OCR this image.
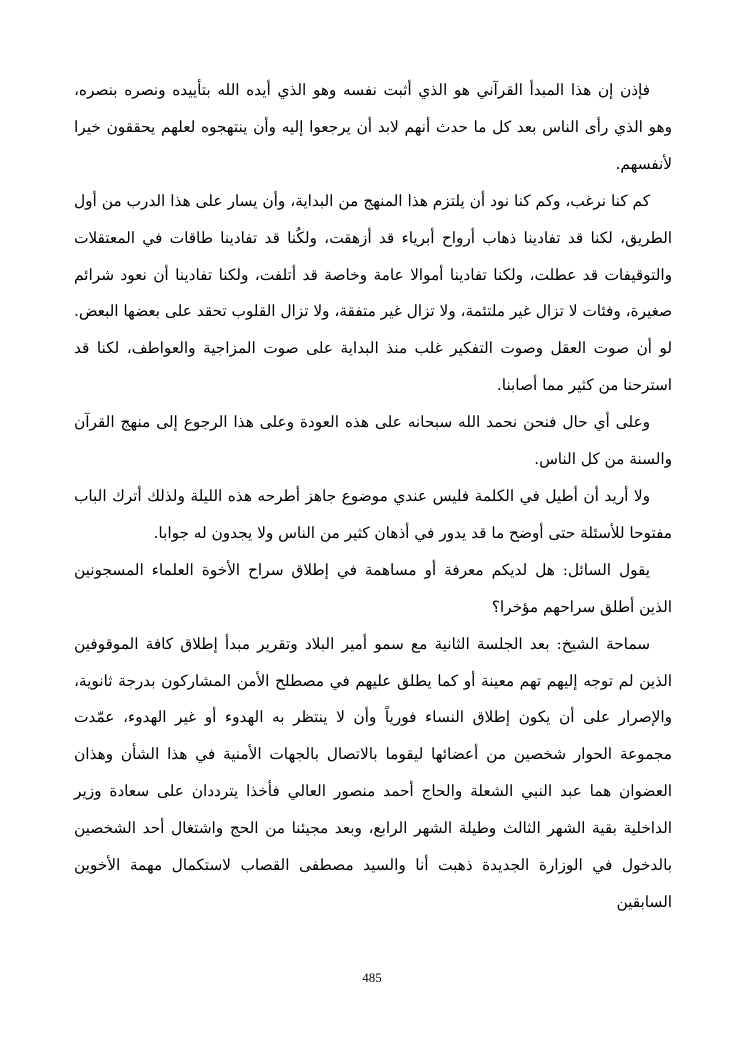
فإذن إن هذا المبدأ القرآني هو الذي أثبت نفسه وهو الذي أيده الله بتأييده ونصره بنصره، وهو الذي رأى الناس بعد كل ما حدث أنهم لابد أن يرجعوا إليه وأن ينتهجوه لعلهم يحققون خيرا لأنفسهم.

كم كنا نرغب، وكم كنا نود أن يلتزم هذا المنهج من البداية، وأن يسار على هذا الدرب من أول الطريق، لكنا قد تفادينا ذهاب أرواح أبرياء قد أزهقت، ولكُنا قد تفادينا طاقات في المعتقلات والتوقيفات قد عطلت، ولكنا تفادينا أموالا عامة وخاصة قد أتلفت، ولكنا تفادينا أن نعود شرائم صغيرة، وفئات لا تزال غير ملتئمة، ولا تزال غير متفقة، ولا تزال القلوب تحقد على بعضها البعض. لو أن صوت العقل وصوت التفكير غلب منذ البداية على صوت المزاجية والعواطف، لكنا قد استرحنا من كثير مما أصابنا.

وعلى أي حال فنحن نحمد الله سبحانه على هذه العودة وعلى هذا الرجوع إلى منهج القرآن والسنة من كل الناس.

ولا أريد أن أطيل في الكلمة فليس عندي موضوع جاهز أطرحه هذه الليلة ولذلك أترك الباب مفتوحا للأسئلة حتى أوضح ما قد يدور في أذهان كثير من الناس ولا يجدون له جوابا.

يقول السائل: هل لديكم معرفة أو مساهمة في إطلاق سراح الأخوة العلماء المسجونين الذين أطلق سراحهم مؤخرا؟

سماحة الشيخ: بعد الجلسة الثانية مع سمو أمير البلاد وتقرير مبدأ إطلاق كافة الموقوفين الذين لم توجه إليهم تهم معينة أو كما يطلق عليهم في مصطلح الأمن المشاركون بدرجة ثانوية، والإصرار على أن يكون إطلاق النساء فورياً وأن لا ينتظر به الهدوء أو غير الهدوء، عمّدت مجموعة الحوار شخصين من أعضائها ليقوما بالاتصال بالجهات الأمنية في هذا الشأن وهذان العضوان هما عبد النبي الشعلة والحاج أحمد منصور العالي فأخذا يترددان على سعادة وزير الداخلية بقية الشهر الثالث وطيلة الشهر الرابع، وبعد مجيئنا من الحج واشتغال أحد الشخصين بالدخول في الوزارة الجديدة ذهبت أنا والسيد مصطفى القصاب لاستكمال مهمة الأخوين السابقين

485
